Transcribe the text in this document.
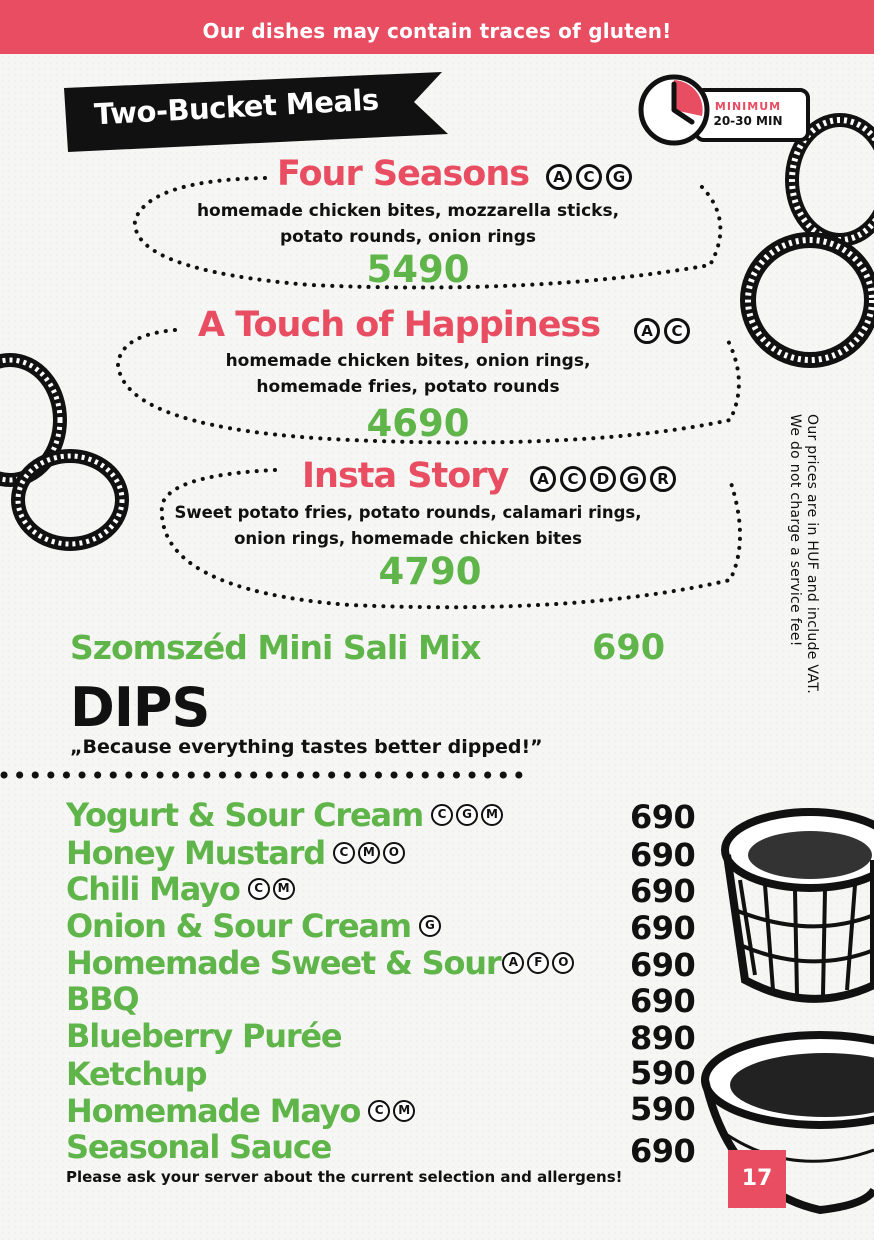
Our dishes may contain traces of gluten!
Two-Bucket Meals	MINIMUM
20-30 MIN
Four Seasons	A	C	G
homemade chicken bites, mozzarella sticks,
potato rounds, onion rings
5490
A Touch of Happiness	A	C
homemade chicken bites, onion rings,
homemade fries, potato rounds
4690
Insta Story	A	C	D	G	R
Sweet potato fries, potato rounds, calamari rings,
onion rings, homemade chicken bites
4790	Our prices are in HUF and include VAT.
We do not charge a service fee!
Szomszéd Mini Sali Mix	690
DIPS
„Because everything tastes better dipped!”
Yogurt & Sour Cream	C	G	M	690
Honey Mustard	C	M	O	690
Chili Mayo	C	M	690
Onion & Sour Cream	G	690
Homemade Sweet & Sour A	F	O 690
BBQ	690
Blueberry Purée	890
Ketchup	590
Homemade Mayo	C	M	590
Seasonal Sauce	690
Please ask your server about the current selection and allergens!	17
